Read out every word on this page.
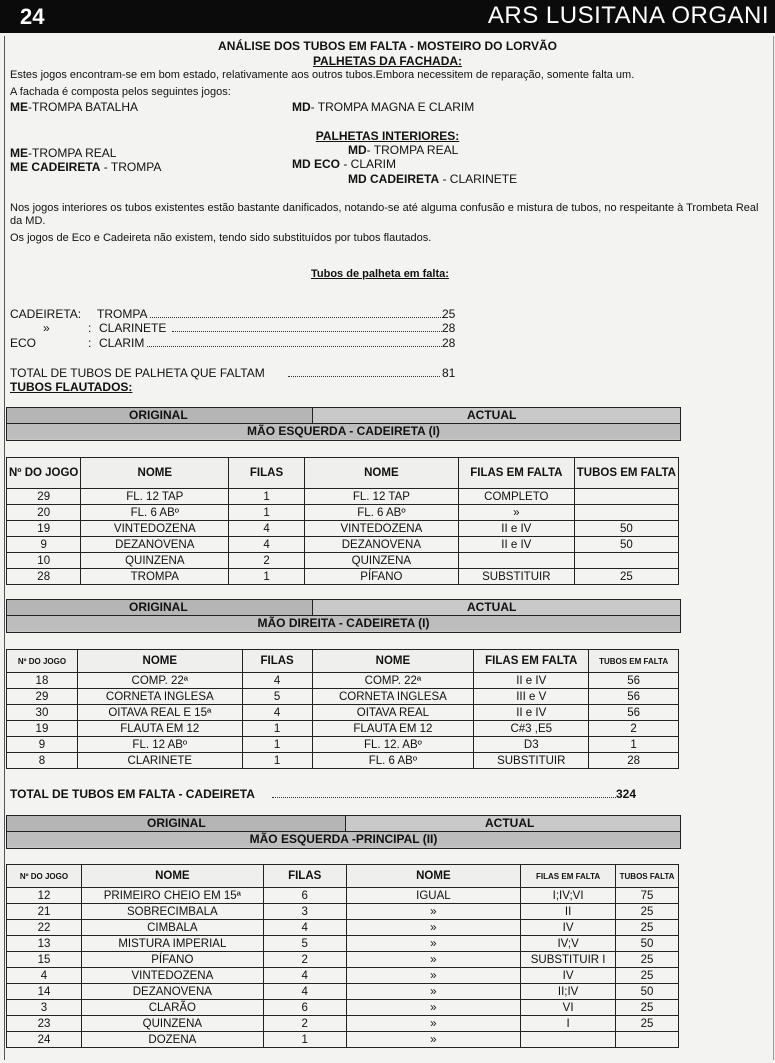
24	ARS LUSITANA ORGANI
ANÁLISE DOS TUBOS EM FALTA - MOSTEIRO DO LORVÃO
PALHETAS DA FACHADA:
Estes jogos encontram-se em bom estado, relativamente aos outros tubos.Embora necessitem de reparação, somente falta um.
A fachada é composta pelos seguintes jogos:
ME-TROMPA BATALHA	MD- TROMPA MAGNA E CLARIM
PALHETAS INTERIORES:
ME-TROMPA REAL
ME CADEIRETA - TROMPA
MD- TROMPA REAL
MD ECO - CLARIM
MD CADEIRETA - CLARINETE
Nos jogos interiores os tubos existentes estão bastante danificados, notando-se até alguma confusão e mistura de tubos, no respeitante à Trombeta Real da MD.
Os jogos de Eco e Cadeireta não existem, tendo sido substituídos por tubos flautados.
Tubos de palheta em falta:
CADEIRETA: TROMPA	25
»	: CLARINETE	28
ECO	: CLARIM	28
TOTAL DE TUBOS DE PALHETA QUE FALTAM	81
TUBOS FLAUTADOS:
ORIGINAL	ACTUAL
MÃO ESQUERDA - CADEIRETA (I)
Nº DO JOGO	NOME	FILAS	NOME	FILAS EM FALTA	TUBOS EM FALTA
29	FL. 12 TAP	1	FL. 12 TAP	COMPLETO	
20	FL. 6 ABº	1	FL. 6 ABº	»	
19	VINTEDOZENA	4	VINTEDOZENA	II e IV	50
9	DEZANOVENA	4	DEZANOVENA	II e IV	50
10	QUINZENA	2	QUINZENA		
28	TROMPA	1	PÍFANO	SUBSTITUIR	25
ORIGINAL	ACTUAL
MÃO DIREITA - CADEIRETA (I)
Nº DO JOGO	NOME	FILAS	NOME	FILAS EM FALTA	TUBOS EM FALTA
18	COMP. 22ª	4	COMP. 22ª	II e IV	56
29	CORNETA INGLESA	5	CORNETA INGLESA	III e V	56
30	OITAVA REAL E 15ª	4	OITAVA REAL	II e IV	56
19	FLAUTA EM 12	1	FLAUTA EM 12	C#3 ,E5	2
9	FL. 12 ABº	1	FL. 12. ABº	D3	1
8	CLARINETE	1	FL. 6 ABº	SUBSTITUIR	28
TOTAL DE TUBOS EM FALTA - CADEIRETA	324
ORIGINAL	ACTUAL
MÃO ESQUERDA -PRINCIPAL (II)
Nº DO JOGO	NOME	FILAS	NOME	FILAS EM FALTA	TUBOS FALTA
12	PRIMEIRO CHEIO EM 15ª	6	IGUAL	I;IV;VI	75
21	SOBRECIMBALA	3	»	II	25
22	CIMBALA	4	»	IV	25
13	MISTURA IMPERIAL	5	»	IV;V	50
15	PÍFANO	2	»	SUBSTITUIR I	25
4	VINTEDOZENA	4	»	IV	25
14	DEZANOVENA	4	»	II;IV	50
3	CLARÃO	6	»	VI	25
23	QUINZENA	2	»	I	25
24	DOZENA	1	»		
